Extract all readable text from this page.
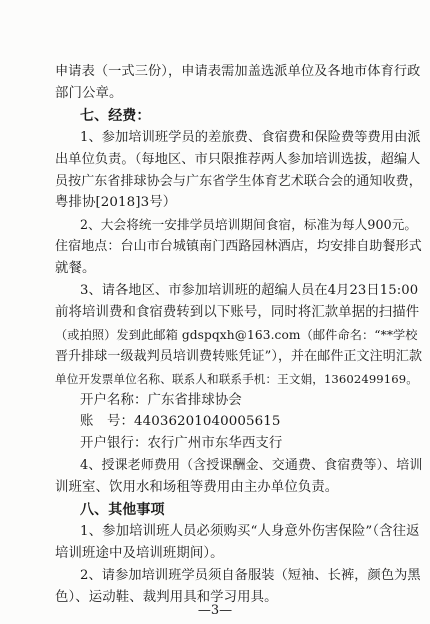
申请表（一式三份），申请表需加盖选派单位及各地市体育行政
部门公章。
七、经费：
1、参加培训班学员的差旅费、食宿费和保险费等费用由派
出单位负责。（每地区、市只限推荐两人参加培训选拔，超编人
员按广东省排球协会与广东省学生体育艺术联合会的通知收费，
粤排协[2018]3号）
2、大会将统一安排学员培训期间食宿，标准为每人900元。
住宿地点：台山市台城镇南门西路园林酒店，均安排自助餐形式
就餐。
3、请各地区、市参加培训班的超编人员在4月23日15:00
前将培训费和食宿费转到以下账号，同时将汇款单据的扫描件
（或拍照）发到此邮箱 gdspqxh@163.com（邮件命名：“**学校
晋升排球一级裁判员培训费转账凭证”），并在邮件正文注明汇款
单位开发票单位名称、联系人和联系手机：王文娟，13602499169。
开户名称：广东省排球协会
账　号：44036201040005615
开户银行：农行广州市东华西支行
4、授课老师费用（含授课酬金、交通费、食宿费等）、培训
训班室、饮用水和场租等费用由主办单位负责。
八、其他事项
1、参加培训班人员必须购买“人身意外伤害保险”（含往返
培训班途中及培训班期间）。
2、请参加培训班学员须自备服装（短袖、长裤，颜色为黑
色）、运动鞋、裁判用具和学习用具。
—3—
